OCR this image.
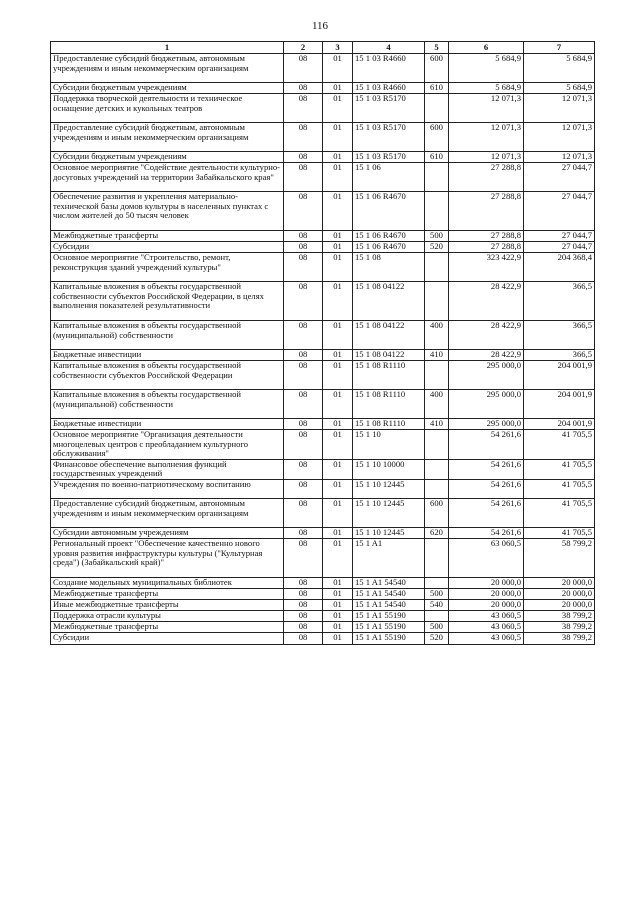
116
1	2	3	4	5	6	7
Предоставление субсидий бюджетным, автономным учреждениям и иным некоммерческим организациям	08	01	15 1 03 R4660	600	5 684,9	5 684,9
Субсидии бюджетным учреждениям	08	01	15 1 03 R4660	610	5 684,9	5 684,9
Поддержка творческой деятельности и техническое оснащение детских и кукольных театров	08	01	15 1 03 R5170		12 071,3	12 071,3
Предоставление субсидий бюджетным, автономным учреждениям и иным некоммерческим организациям	08	01	15 1 03 R5170	600	12 071,3	12 071,3
Субсидии бюджетным учреждениям	08	01	15 1 03 R5170	610	12 071,3	12 071,3
Основное мероприятие "Содействие деятельности культурно-досуговых учреждений на территории Забайкальского края"	08	01	15 1 06		27 288,8	27 044,7
Обеспечение развития и укрепления материально-технической базы домов культуры в населенных пунктах с числом жителей до 50 тысяч человек	08	01	15 1 06 R4670		27 288,8	27 044,7
Межбюджетные трансферты	08	01	15 1 06 R4670	500	27 288,8	27 044,7
Субсидии	08	01	15 1 06 R4670	520	27 288,8	27 044,7
Основное мероприятие "Строительство, ремонт, реконструкция зданий учреждений культуры"	08	01	15 1 08		323 422,9	204 368,4
Капитальные вложения в объекты государственной собственности субъектов Российской Федерации, в целях выполнения показателей результативности	08	01	15 1 08 04122		28 422,9	366,5
Капитальные вложения в объекты государственной (муниципальной) собственности	08	01	15 1 08 04122	400	28 422,9	366,5
Бюджетные инвестиции	08	01	15 1 08 04122	410	28 422,9	366,5
Капитальные вложения в объекты государственной собственности субъектов Российской Федерации	08	01	15 1 08 R1110		295 000,0	204 001,9
Капитальные вложения в объекты государственной (муниципальной) собственности	08	01	15 1 08 R1110	400	295 000,0	204 001,9
Бюджетные инвестиции	08	01	15 1 08 R1110	410	295 000,0	204 001,9
Основное мероприятие "Организация деятельности многоцелевых центров с преобладанием культурного обслуживания"	08	01	15 1 10		54 261,6	41 705,5
Финансовое обеспечение выполнения функций государственных учреждений	08	01	15 1 10 10000		54 261,6	41 705,5
Учреждения по военно-патриотическому воспитанию	08	01	15 1 10 12445		54 261,6	41 705,5
Предоставление субсидий бюджетным, автономным учреждениям и иным некоммерческим организациям	08	01	15 1 10 12445	600	54 261,6	41 705,5
Субсидии автономным учреждениям	08	01	15 1 10 12445	620	54 261,6	41 705,5
Региональный проект "Обеспечение качественно нового уровня развития инфраструктуры культуры ("Культурная среда") (Забайкальский край)"	08	01	15 1 A1		63 060,5	58 799,2
Создание модельных муниципальных библиотек	08	01	15 1 A1 54540		20 000,0	20 000,0
Межбюджетные трансферты	08	01	15 1 A1 54540	500	20 000,0	20 000,0
Иные межбюджетные трансферты	08	01	15 1 A1 54540	540	20 000,0	20 000,0
Поддержка отрасли культуры	08	01	15 1 A1 55190		43 060,5	38 799,2
Межбюджетные трансферты	08	01	15 1 A1 55190	500	43 060,5	38 799,2
Субсидии	08	01	15 1 A1 55190	520	43 060,5	38 799,2
